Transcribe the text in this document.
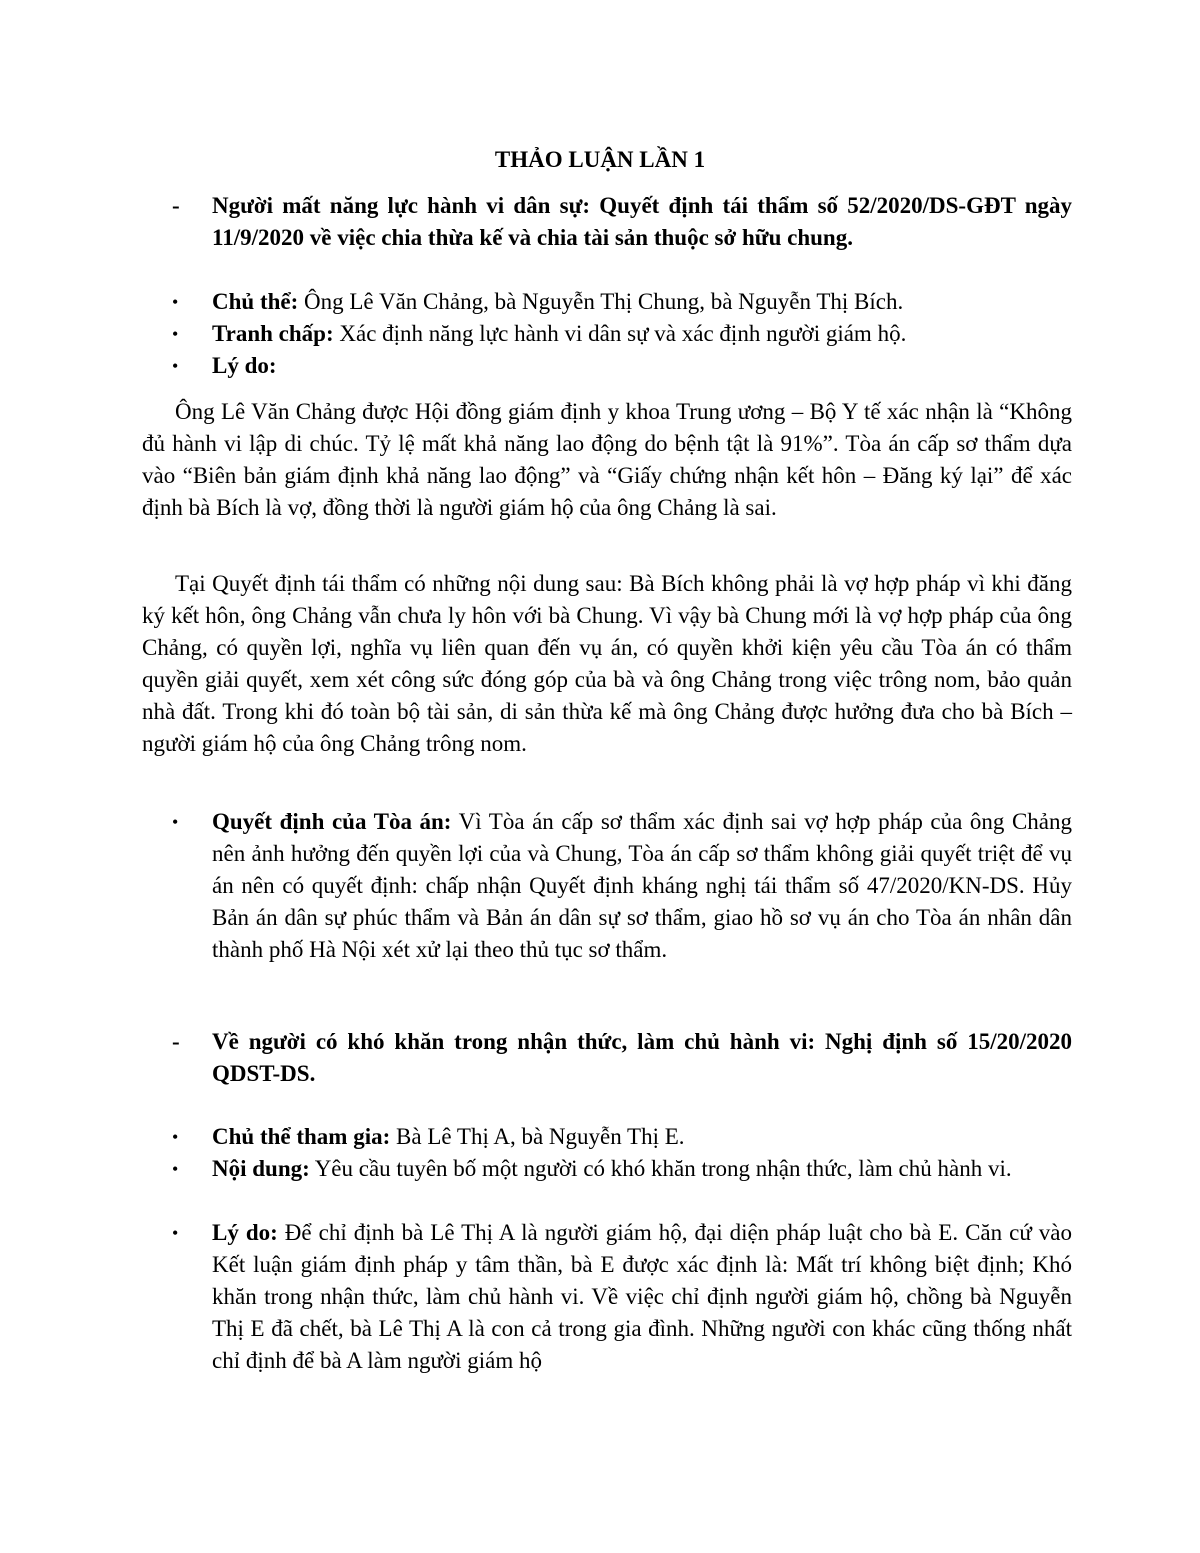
THẢO LUẬN LẦN 1
-	Người mất năng lực hành vi dân sự: Quyết định tái thẩm số 52/2020/DS-GĐT ngày 11/9/2020 về việc chia thừa kế và chia tài sản thuộc sở hữu chung.
•	Chủ thể: Ông Lê Văn Chảng, bà Nguyễn Thị Chung, bà Nguyễn Thị Bích.
•	Tranh chấp: Xác định năng lực hành vi dân sự và xác định người giám hộ.
•	Lý do:
Ông Lê Văn Chảng được Hội đồng giám định y khoa Trung ương – Bộ Y tế xác nhận là “Không đủ hành vi lập di chúc. Tỷ lệ mất khả năng lao động do bệnh tật là 91%”. Tòa án cấp sơ thẩm dựa vào “Biên bản giám định khả năng lao động” và “Giấy chứng nhận kết hôn – Đăng ký lại” để xác định bà Bích là vợ, đồng thời là người giám hộ của ông Chảng là sai.
Tại Quyết định tái thẩm có những nội dung sau: Bà Bích không phải là vợ hợp pháp vì khi đăng ký kết hôn, ông Chảng vẫn chưa ly hôn với bà Chung. Vì vậy bà Chung mới là vợ hợp pháp của ông Chảng, có quyền lợi, nghĩa vụ liên quan đến vụ án, có quyền khởi kiện yêu cầu Tòa án có thẩm quyền giải quyết, xem xét công sức đóng góp của bà và ông Chảng trong việc trông nom, bảo quản nhà đất. Trong khi đó toàn bộ tài sản, di sản thừa kế mà ông Chảng được hưởng đưa cho bà Bích – người giám hộ của ông Chảng trông nom.
•	Quyết định của Tòa án: Vì Tòa án cấp sơ thẩm xác định sai vợ hợp pháp của ông Chảng nên ảnh hưởng đến quyền lợi của và Chung, Tòa án cấp sơ thẩm không giải quyết triệt để vụ án nên có quyết định: chấp nhận Quyết định kháng nghị tái thẩm số 47/2020/KN-DS. Hủy Bản án dân sự phúc thẩm và Bản án dân sự sơ thẩm, giao hồ sơ vụ án cho Tòa án nhân dân thành phố Hà Nội xét xử lại theo thủ tục sơ thẩm.
-	Về người có khó khăn trong nhận thức, làm chủ hành vi: Nghị định số 15/20/2020 QDST-DS.
•	Chủ thể tham gia: Bà Lê Thị A, bà Nguyễn Thị E.
•	Nội dung: Yêu cầu tuyên bố một người có khó khăn trong nhận thức, làm chủ hành vi.
•	Lý do: Để chỉ định bà Lê Thị A là người giám hộ, đại diện pháp luật cho bà E. Căn cứ vào Kết luận giám định pháp y tâm thần, bà E được xác định là: Mất trí không biệt định; Khó khăn trong nhận thức, làm chủ hành vi. Về việc chỉ định người giám hộ, chồng bà Nguyễn Thị E đã chết, bà Lê Thị A là con cả trong gia đình. Những người con khác cũng thống nhất chỉ định để bà A làm người giám hộ
